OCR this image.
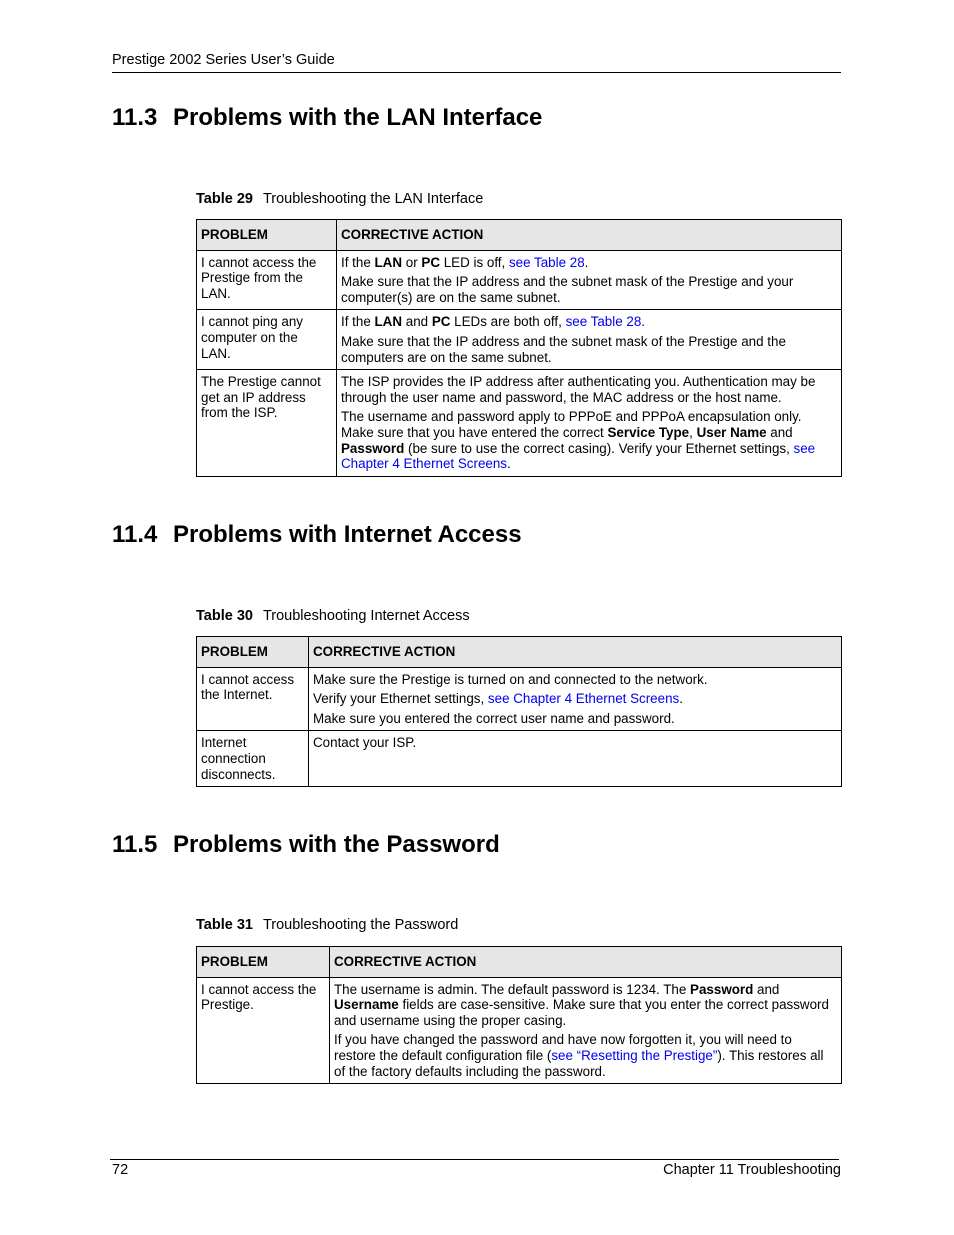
Prestige 2002 Series User’s Guide
11.3 Problems with the LAN Interface
Table 29 Troubleshooting the LAN Interface
PROBLEM	CORRECTIVE ACTION
I cannot access the Prestige from the LAN.	If the LAN or PC LED is off, see Table 28.

Make sure that the IP address and the subnet mask of the Prestige and your computer(s) are on the same subnet.

I cannot ping any computer on the LAN.	If the LAN and PC LEDs are both off, see Table 28.

Make sure that the IP address and the subnet mask of the Prestige and the computers are on the same subnet.

The Prestige cannot get an IP address from the ISP.	The ISP provides the IP address after authenticating you. Authentication may be through the user name and password, the MAC address or the host name.

The username and password apply to PPPoE and PPPoA encapsulation only. Make sure that you have entered the correct Service Type, User Name and Password (be sure to use the correct casing). Verify your Ethernet settings, see Chapter 4 Ethernet Screens.

11.4 Problems with Internet Access
Table 30 Troubleshooting Internet Access
PROBLEM	CORRECTIVE ACTION
I cannot access the Internet.	Make sure the Prestige is turned on and connected to the network.

Verify your Ethernet settings, see Chapter 4 Ethernet Screens.

Make sure you entered the correct user name and password.

Internet connection disconnects.	Contact your ISP.

11.5 Problems with the Password
Table 31 Troubleshooting the Password
PROBLEM	CORRECTIVE ACTION
I cannot access the Prestige.	The username is admin. The default password is 1234. The Password and Username fields are case-sensitive. Make sure that you enter the correct password and username using the proper casing.

If you have changed the password and have now forgotten it, you will need to restore the default configuration file (see “Resetting the Prestige”). This restores all of the factory defaults including the password.

72	Chapter 11 Troubleshooting
